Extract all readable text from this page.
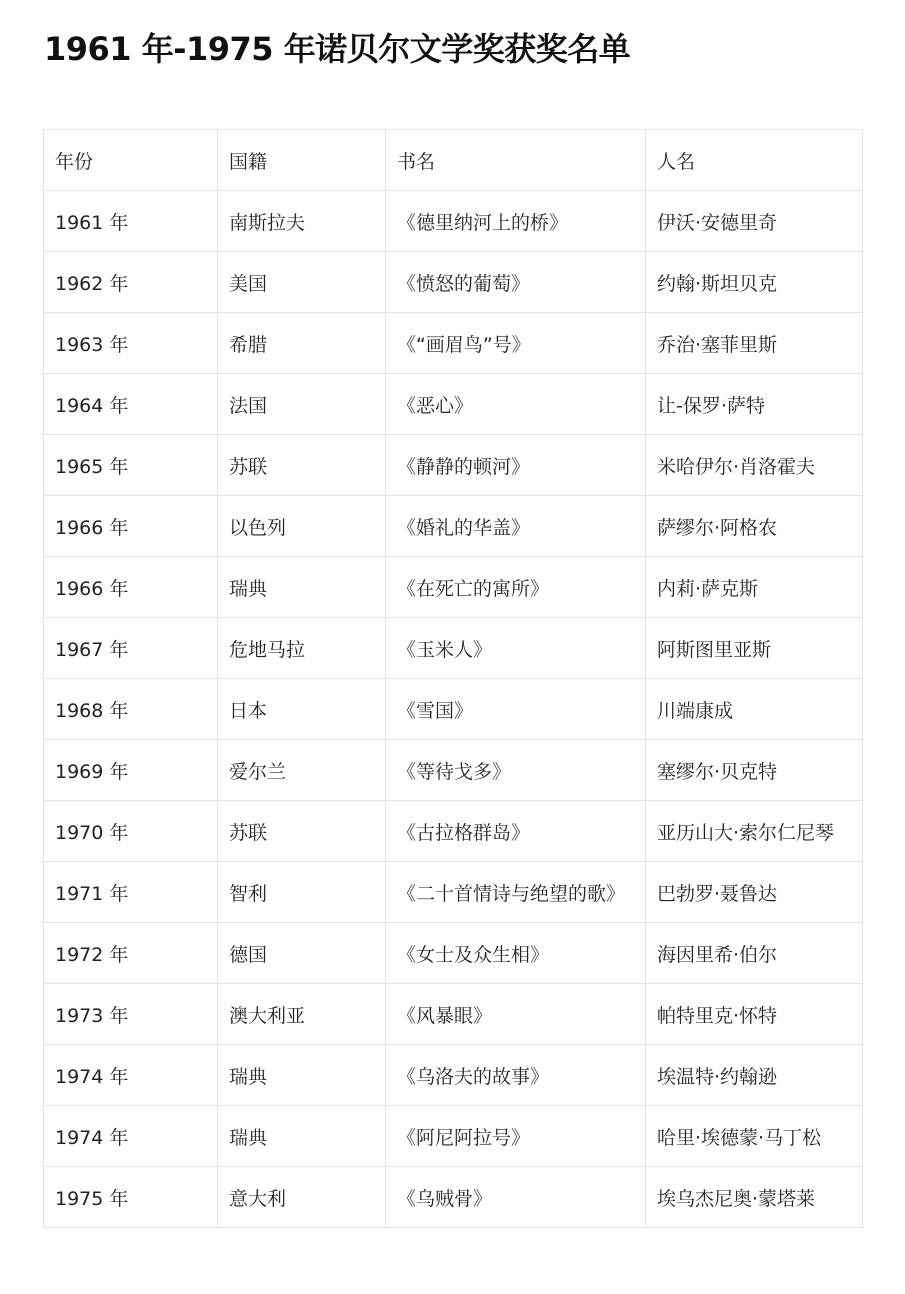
1961 年-1975 年诺贝尔文学奖获奖名单
年份	国籍	书名	人名
1961 年	南斯拉夫	《德里纳河上的桥》	伊沃·安德里奇
1962 年	美国	《愤怒的葡萄》	约翰·斯坦贝克
1963 年	希腊	《“画眉鸟”号》	乔治·塞菲里斯
1964 年	法国	《恶心》	让-保罗·萨特
1965 年	苏联	《静静的顿河》	米哈伊尔·肖洛霍夫
1966 年	以色列	《婚礼的华盖》	萨缪尔·阿格农
1966 年	瑞典	《在死亡的寓所》	内莉·萨克斯
1967 年	危地马拉	《玉米人》	阿斯图里亚斯
1968 年	日本	《雪国》	川端康成
1969 年	爱尔兰	《等待戈多》	塞缪尔·贝克特
1970 年	苏联	《古拉格群岛》	亚历山大·索尔仁尼琴
1971 年	智利	《二十首情诗与绝望的歌》	巴勃罗·聂鲁达
1972 年	德国	《女士及众生相》	海因里希·伯尔
1973 年	澳大利亚	《风暴眼》	帕特里克·怀特
1974 年	瑞典	《乌洛夫的故事》	埃温特·约翰逊
1974 年	瑞典	《阿尼阿拉号》	哈里·埃德蒙·马丁松
1975 年	意大利	《乌贼骨》	埃乌杰尼奥·蒙塔莱
